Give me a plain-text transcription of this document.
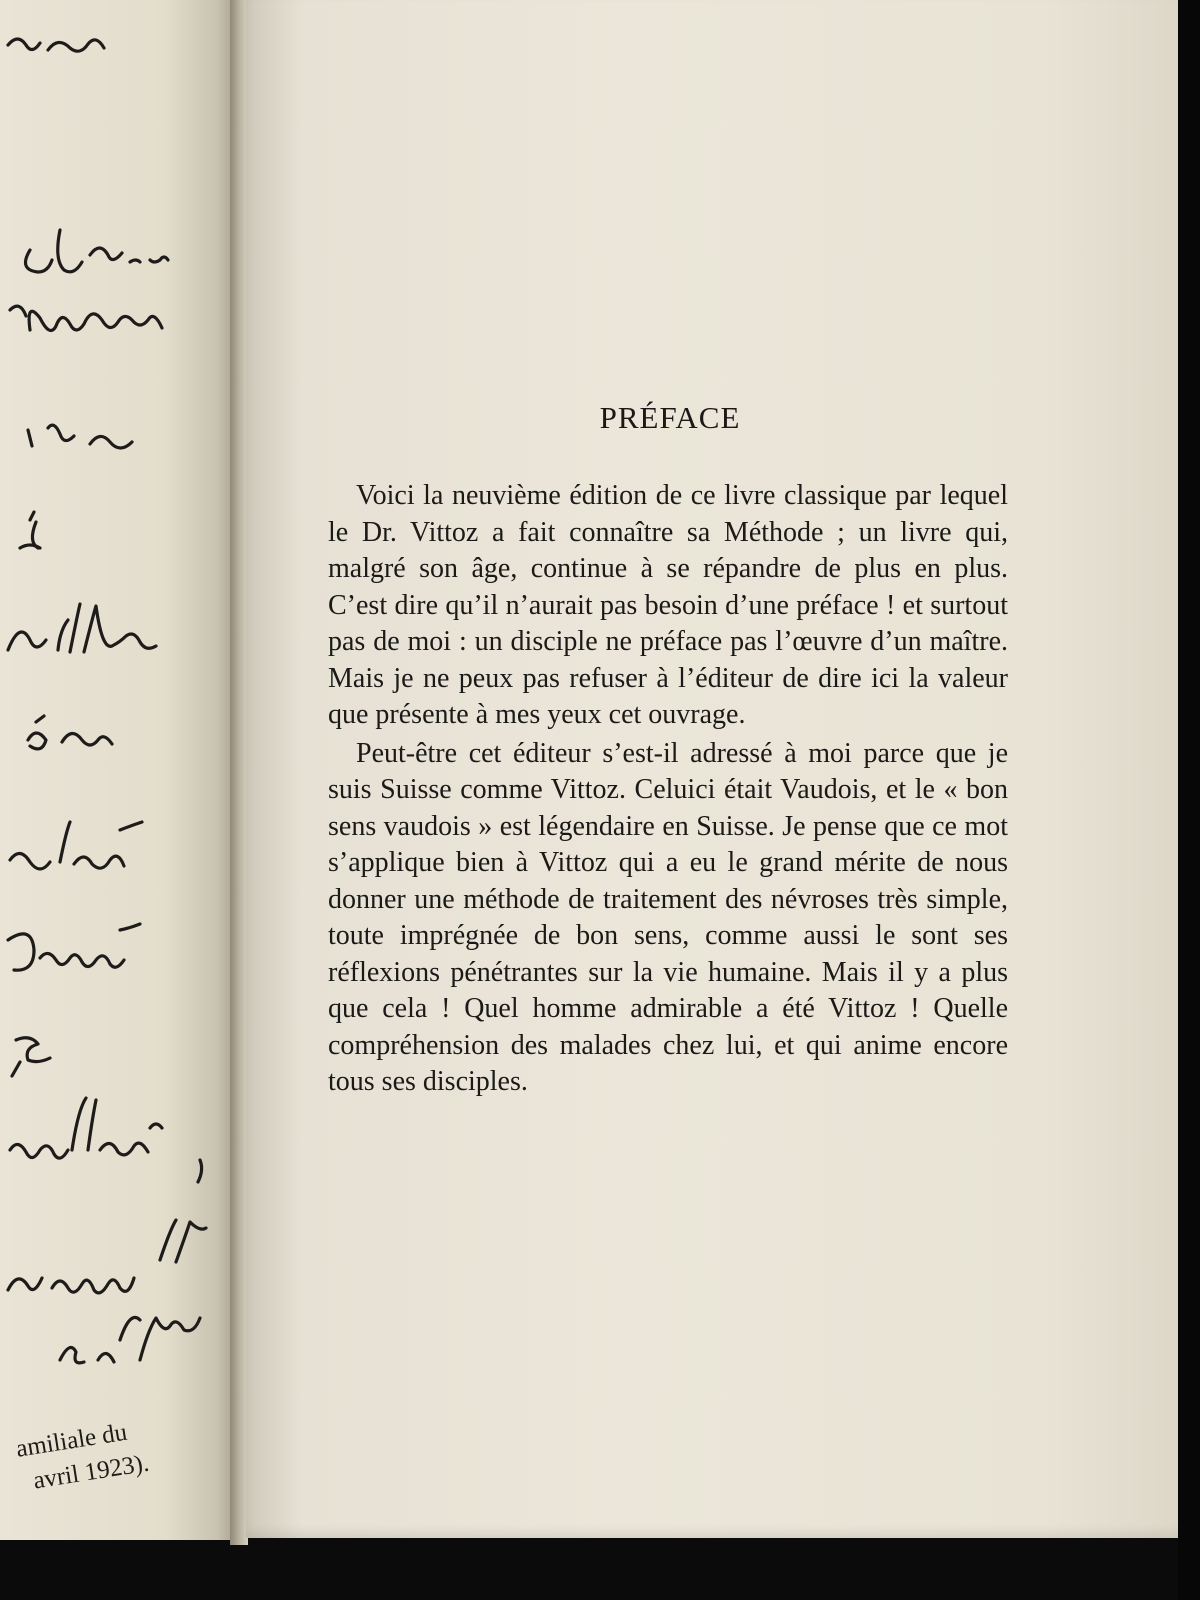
amiliale du
avril 1923).
PRÉFACE

Voici la neuvième édition de ce livre classique par lequel le Dr. Vittoz a fait connaître sa Méthode ; un livre qui, malgré son âge, continue à se répandre de plus en plus. C’est dire qu’il n’aurait pas besoin d’une préface ! et surtout pas de moi : un disciple ne préface pas l’œuvre d’un maître. Mais je ne peux pas refuser à l’éditeur de dire ici la valeur que présente à mes yeux cet ouvrage.

Peut-être cet éditeur s’est-il adressé à moi parce que je suis Suisse comme Vittoz. Celuici était Vaudois, et le « bon sens vaudois » est légendaire en Suisse. Je pense que ce mot s’applique bien à Vittoz qui a eu le grand mérite de nous donner une méthode de traitement des névroses très simple, toute imprégnée de bon sens, comme aussi le sont ses réflexions pénétrantes sur la vie humaine. Mais il y a plus que cela ! Quel homme admirable a été Vittoz ! Quelle compréhension des malades chez lui, et qui anime encore tous ses disciples.
